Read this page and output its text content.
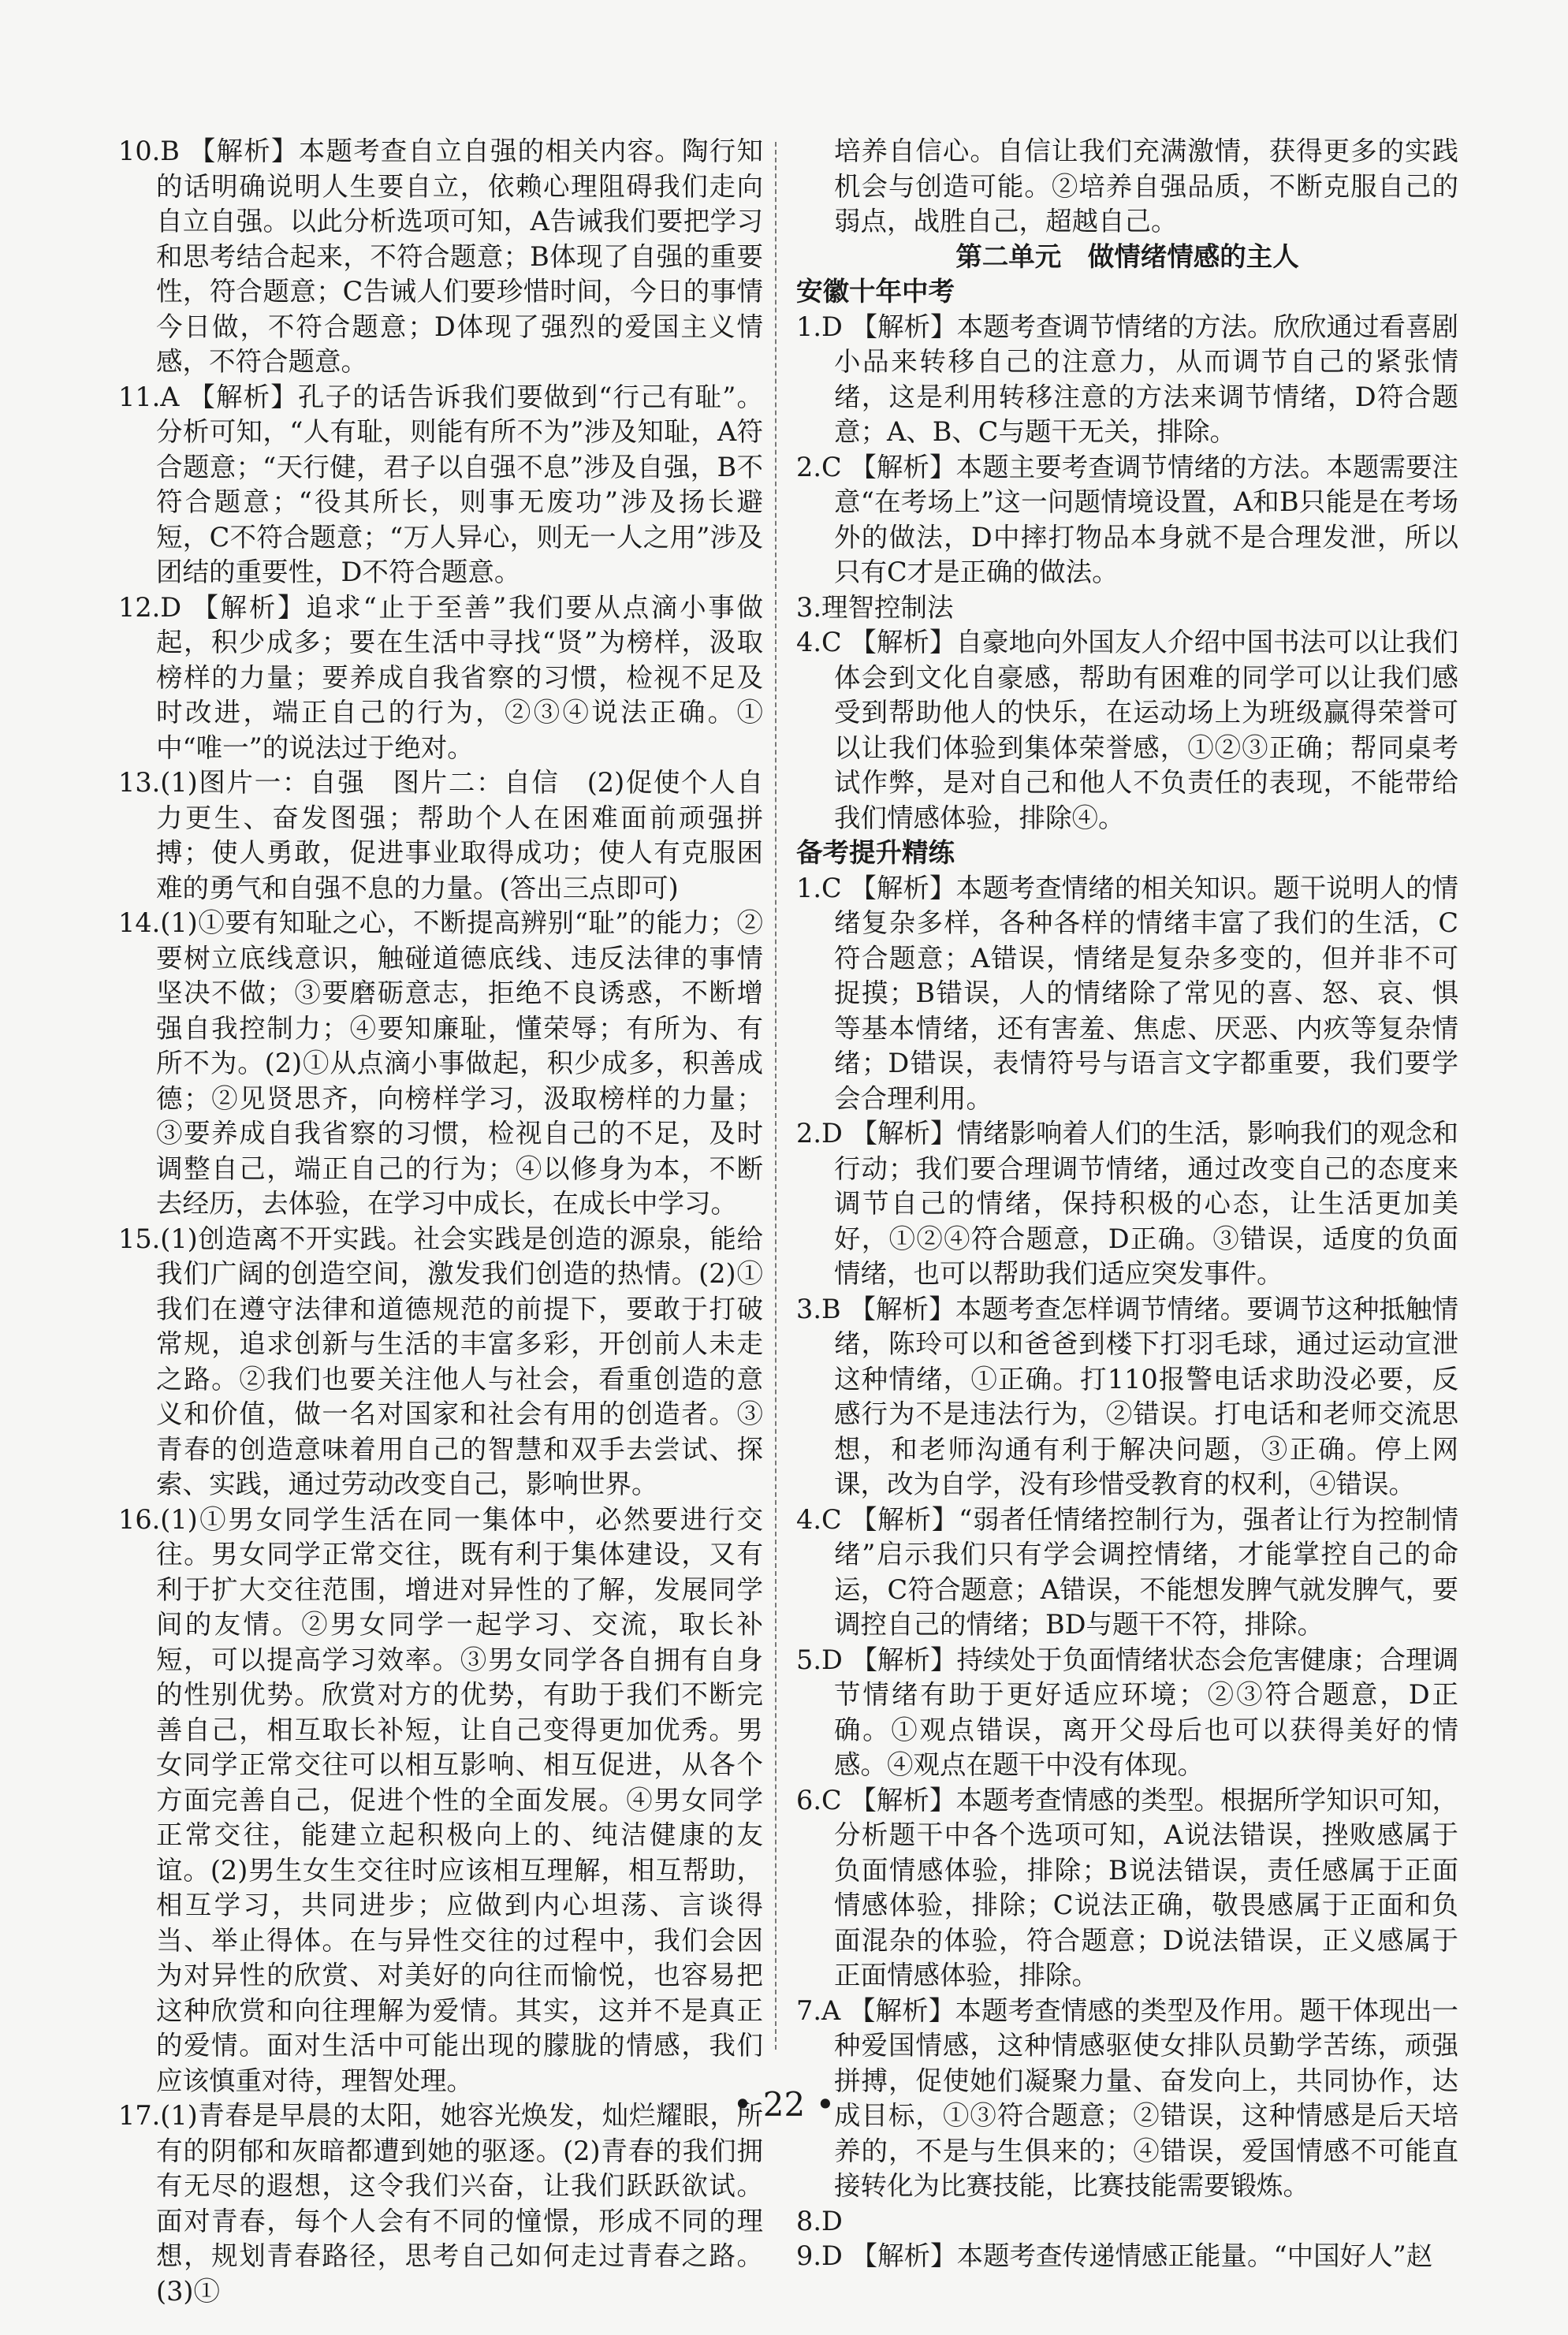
10.B 【解析】本题考查自立自强的相关内容。陶行知的话明确说明人生要自立，依赖心理阻碍我们走向自立自强。以此分析选项可知，A告诫我们要把学习和思考结合起来，不符合题意；B体现了自强的重要性，符合题意；C告诫人们要珍惜时间，今日的事情今日做，不符合题意；D体现了强烈的爱国主义情感，不符合题意。

11.A 【解析】孔子的话告诉我们要做到“行己有耻”。分析可知，“人有耻，则能有所不为”涉及知耻，A符合题意；“天行健，君子以自强不息”涉及自强，B不符合题意；“役其所长，则事无废功”涉及扬长避短，C不符合题意；“万人异心，则无一人之用”涉及团结的重要性，D不符合题意。

12.D 【解析】追求“止于至善”我们要从点滴小事做起，积少成多；要在生活中寻找“贤”为榜样，汲取榜样的力量；要养成自我省察的习惯，检视不足及时改进，端正自己的行为，②③④说法正确。①中“唯一”的说法过于绝对。

13.(1)图片一：自强　图片二：自信　(2)促使个人自力更生、奋发图强；帮助个人在困难面前顽强拼搏；使人勇敢，促进事业取得成功；使人有克服困难的勇气和自强不息的力量。(答出三点即可)

14.(1)①要有知耻之心，不断提高辨别“耻”的能力；②要树立底线意识，触碰道德底线、违反法律的事情坚决不做；③要磨砺意志，拒绝不良诱惑，不断增强自我控制力；④要知廉耻，懂荣辱；有所为、有所不为。(2)①从点滴小事做起，积少成多，积善成德；②见贤思齐，向榜样学习，汲取榜样的力量；③要养成自我省察的习惯，检视自己的不足，及时调整自己，端正自己的行为；④以修身为本，不断去经历，去体验，在学习中成长，在成长中学习。

15.(1)创造离不开实践。社会实践是创造的源泉，能给我们广阔的创造空间，激发我们创造的热情。(2)①我们在遵守法律和道德规范的前提下，要敢于打破常规，追求创新与生活的丰富多彩，开创前人未走之路。②我们也要关注他人与社会，看重创造的意义和价值，做一名对国家和社会有用的创造者。③青春的创造意味着用自己的智慧和双手去尝试、探索、实践，通过劳动改变自己，影响世界。

16.(1)①男女同学生活在同一集体中，必然要进行交往。男女同学正常交往，既有利于集体建设，又有利于扩大交往范围，增进对异性的了解，发展同学间的友情。②男女同学一起学习、交流，取长补短，可以提高学习效率。③男女同学各自拥有自身的性别优势。欣赏对方的优势，有助于我们不断完善自己，相互取长补短，让自己变得更加优秀。男女同学正常交往可以相互影响、相互促进，从各个方面完善自己，促进个性的全面发展。④男女同学正常交往，能建立起积极向上的、纯洁健康的友谊。(2)男生女生交往时应该相互理解，相互帮助，相互学习，共同进步；应做到内心坦荡、言谈得当、举止得体。在与异性交往的过程中，我们会因为对异性的欣赏、对美好的向往而愉悦，也容易把这种欣赏和向往理解为爱情。其实，这并不是真正的爱情。面对生活中可能出现的朦胧的情感，我们应该慎重对待，理智处理。

17.(1)青春是早晨的太阳，她容光焕发，灿烂耀眼，所有的阴郁和灰暗都遭到她的驱逐。(2)青春的我们拥有无尽的遐想，这令我们兴奋，让我们跃跃欲试。面对青春，每个人会有不同的憧憬，形成不同的理想，规划青春路径，思考自己如何走过青春之路。(3)①

培养自信心。自信让我们充满激情，获得更多的实践机会与创造可能。②培养自强品质，不断克服自己的弱点，战胜自己，超越自己。

第二单元　做情绪情感的主人

安徽十年中考

1.D 【解析】本题考查调节情绪的方法。欣欣通过看喜剧小品来转移自己的注意力，从而调节自己的紧张情绪，这是利用转移注意的方法来调节情绪，D符合题意；A、B、C与题干无关，排除。

2.C 【解析】本题主要考查调节情绪的方法。本题需要注意“在考场上”这一问题情境设置，A和B只能是在考场外的做法，D中摔打物品本身就不是合理发泄，所以只有C才是正确的做法。

3.理智控制法

4.C 【解析】自豪地向外国友人介绍中国书法可以让我们体会到文化自豪感，帮助有困难的同学可以让我们感受到帮助他人的快乐，在运动场上为班级赢得荣誉可以让我们体验到集体荣誉感，①②③正确；帮同桌考试作弊，是对自己和他人不负责任的表现，不能带给我们情感体验，排除④。

备考提升精练

1.C 【解析】本题考查情绪的相关知识。题干说明人的情绪复杂多样，各种各样的情绪丰富了我们的生活，C符合题意；A错误，情绪是复杂多变的，但并非不可捉摸；B错误，人的情绪除了常见的喜、怒、哀、惧等基本情绪，还有害羞、焦虑、厌恶、内疚等复杂情绪；D错误，表情符号与语言文字都重要，我们要学会合理利用。

2.D 【解析】情绪影响着人们的生活，影响我们的观念和行动；我们要合理调节情绪，通过改变自己的态度来调节自己的情绪，保持积极的心态，让生活更加美好，①②④符合题意，D正确。③错误，适度的负面情绪，也可以帮助我们适应突发事件。

3.B 【解析】本题考查怎样调节情绪。要调节这种抵触情绪，陈玲可以和爸爸到楼下打羽毛球，通过运动宣泄这种情绪，①正确。打110报警电话求助没必要，反感行为不是违法行为，②错误。打电话和老师交流思想，和老师沟通有利于解决问题，③正确。停上网课，改为自学，没有珍惜受教育的权利，④错误。

4.C 【解析】“弱者任情绪控制行为，强者让行为控制情绪”启示我们只有学会调控情绪，才能掌控自己的命运，C符合题意；A错误，不能想发脾气就发脾气，要调控自己的情绪；BD与题干不符，排除。

5.D 【解析】持续处于负面情绪状态会危害健康；合理调节情绪有助于更好适应环境；②③符合题意，D正确。①观点错误，离开父母后也可以获得美好的情感。④观点在题干中没有体现。

6.C 【解析】本题考查情感的类型。根据所学知识可知，分析题干中各个选项可知，A说法错误，挫败感属于负面情感体验，排除；B说法错误，责任感属于正面情感体验，排除；C说法正确，敬畏感属于正面和负面混杂的体验，符合题意；D说法错误，正义感属于正面情感体验，排除。

7.A 【解析】本题考查情感的类型及作用。题干体现出一种爱国情感，这种情感驱使女排队员勤学苦练，顽强拼搏，促使她们凝聚力量、奋发向上，共同协作，达成目标，①③符合题意；②错误，这种情感是后天培养的，不是与生俱来的；④错误，爱国情感不可能直接转化为比赛技能，比赛技能需要锻炼。

8.D

9.D 【解析】本题考查传递情感正能量。“中国好人”赵

• 22 •
